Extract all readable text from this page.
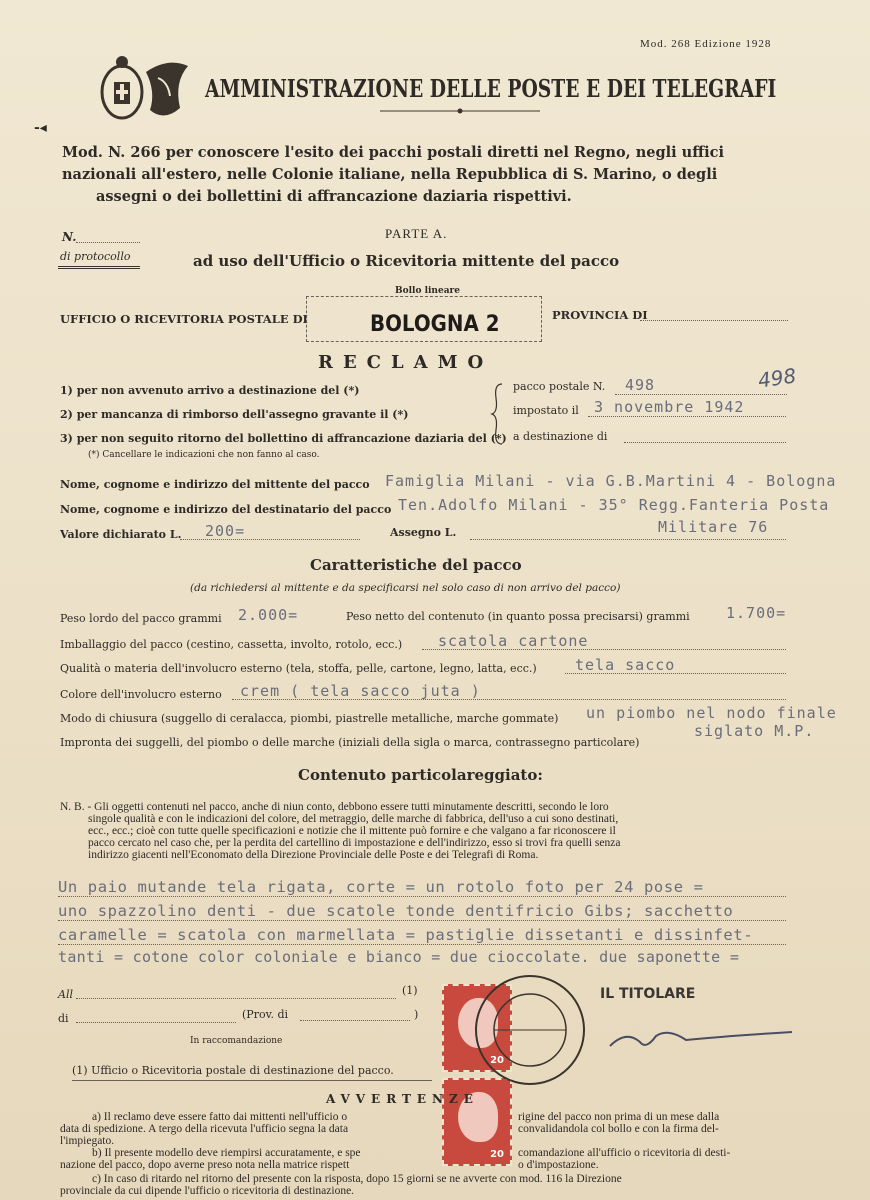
Mod. 268 Edizione 1928
AMMINISTRAZIONE DELLE POSTE E DEI TELEGRAFI
-◂
Mod. N. 266 per conoscere l'esito dei pacchi postali diretti nel Regno, negli uffici
nazionali all'estero, nelle Colonie italiane, nella Repubblica di S. Marino, o degli
assegni o dei bollettini di affrancazione daziaria rispettivi.
N.
di protocollo
PARTE A.
ad uso dell'Ufficio o Ricevitoria mittente del pacco
Bollo lineare
UFFICIO O RICEVITORIA POSTALE DI	BOLOGNA 2	PROVINCIA DI
RECLAMO
1) per non avvenuto arrivo a destinazione del (*)
2) per mancanza di rimborso dell'assegno gravante il (*)
3) per non seguito ritorno del bollettino di affrancazione daziaria del (*)
(*) Cancellare le indicazioni che non fanno al caso.
pacco postale N. 498	498
impostato il 3 novembre 1942
a destinazione di
Nome, cognome e indirizzo del mittente del pacco Famiglia Milani - via G.B.Martini 4 - Bologna
Nome, cognome e indirizzo del destinatario del pacco Ten.Adolfo Milani - 35° Regg.Fanteria Posta
Militare 76
Valore dichiarato L. 200=	Assegno L.
Caratteristiche del pacco
(da richiedersi al mittente e da specificarsi nel solo caso di non arrivo del pacco)
Peso lordo del pacco grammi 2.000=	Peso netto del contenuto (in quanto possa precisarsi) grammi 1.700=
Imballaggio del pacco (cestino, cassetta, involto, rotolo, ecc.) scatola cartone
Qualità o materia dell'involucro esterno (tela, stoffa, pelle, cartone, legno, latta, ecc.)	tela sacco
Colore dell'involucro esterno crem ( tela sacco juta )
Modo di chiusura (suggello di ceralacca, piombi, piastrelle metalliche, marche gommate) un piombo nel nodo finale
Impronta dei suggelli, del piombo o delle marche (iniziali della sigla o marca, contrassegno particolare)
siglato M.P.
Contenuto particolareggiato:
N. B. - Gli oggetti contenuti nel pacco, anche di niun conto, debbono essere tutti minutamente descritti, secondo le loro
singole qualità e con le indicazioni del colore, del metraggio, delle marche di fabbrica, dell'uso a cui sono destinati,
ecc., ecc.; cioè con tutte quelle specificazioni e notizie che il mittente può fornire e che valgano a far riconoscere il
pacco cercato nel caso che, per la perdita del cartellino di impostazione e dell'indirizzo, esso si trovi fra quelli senza
indirizzo giacenti nell'Economato della Direzione Provinciale delle Poste e dei Telegrafi di Roma.
Un paio mutande tela rigata, corte = un rotolo foto per 24 pose =
uno spazzolino denti - due scatole tonde dentifricio Gibs; sacchetto
caramelle = scatola con marmellata = pastiglie dissetanti e dissinfet-
tanti = cotone color coloniale e bianco = due cioccolate. due saponette =
All	(1)
di	(Prov. di	)
In raccomandazione
(1) Ufficio o Ricevitoria postale di destinazione del pacco.
IL TITOLARE
20
20
AVVERTENZE
a) Il reclamo deve essere fatto dai mittenti nell'ufficio o	rigine del pacco non prima di un mese dalla
data di spedizione. A tergo della ricevuta l'ufficio segna la data	convalidandola col bollo e con la firma del-
l'impiegato.
b) Il presente modello deve riempirsi accuratamente, e spe	comandazione all'ufficio o ricevitoria di desti-
nazione del pacco, dopo averne preso nota nella matrice rispett	o d'impostazione.
c) In caso di ritardo nel ritorno del presente con la risposta, dopo 15 giorni se ne avverte con mod. 116 la Direzione
provinciale da cui dipende l'ufficio o ricevitoria di destinazione.
